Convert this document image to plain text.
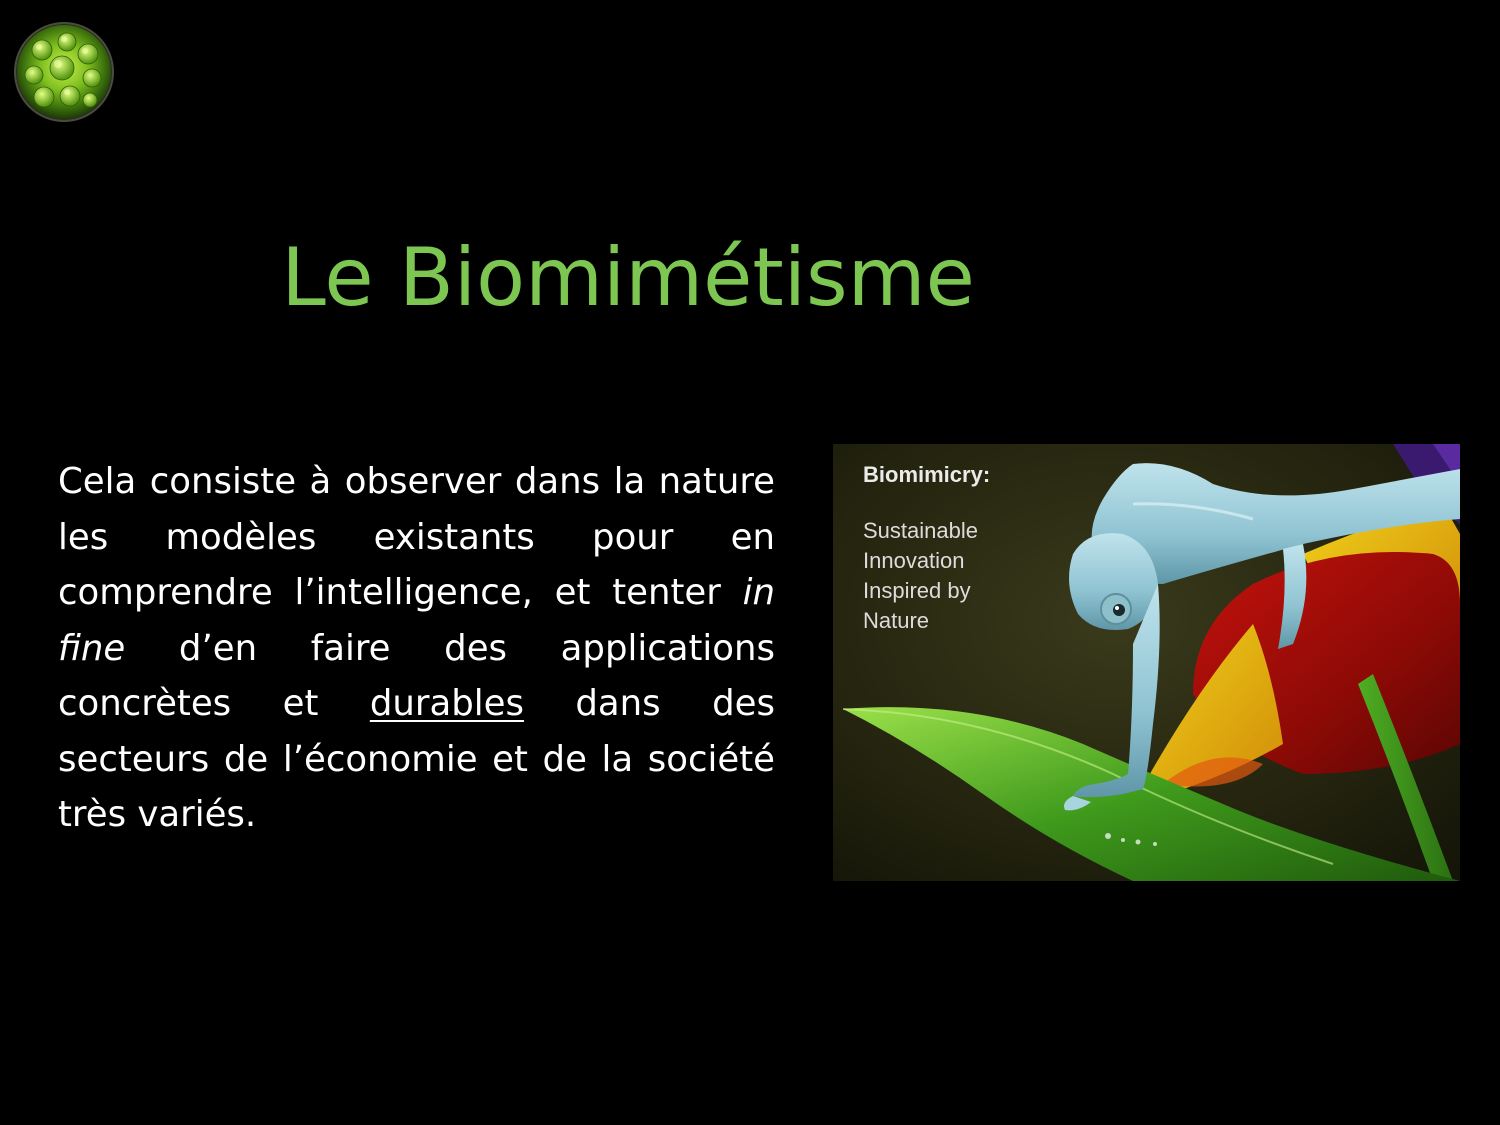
Le Biomimétisme
Cela consiste à observer dans la nature les modèles existants pour en comprendre l’intelligence, et tenter in fine d’en faire des applications concrètes et durables dans des secteurs de l’économie et de la société très variés.
Biomimicry:
Sustainable Innovation Inspired by Nature
